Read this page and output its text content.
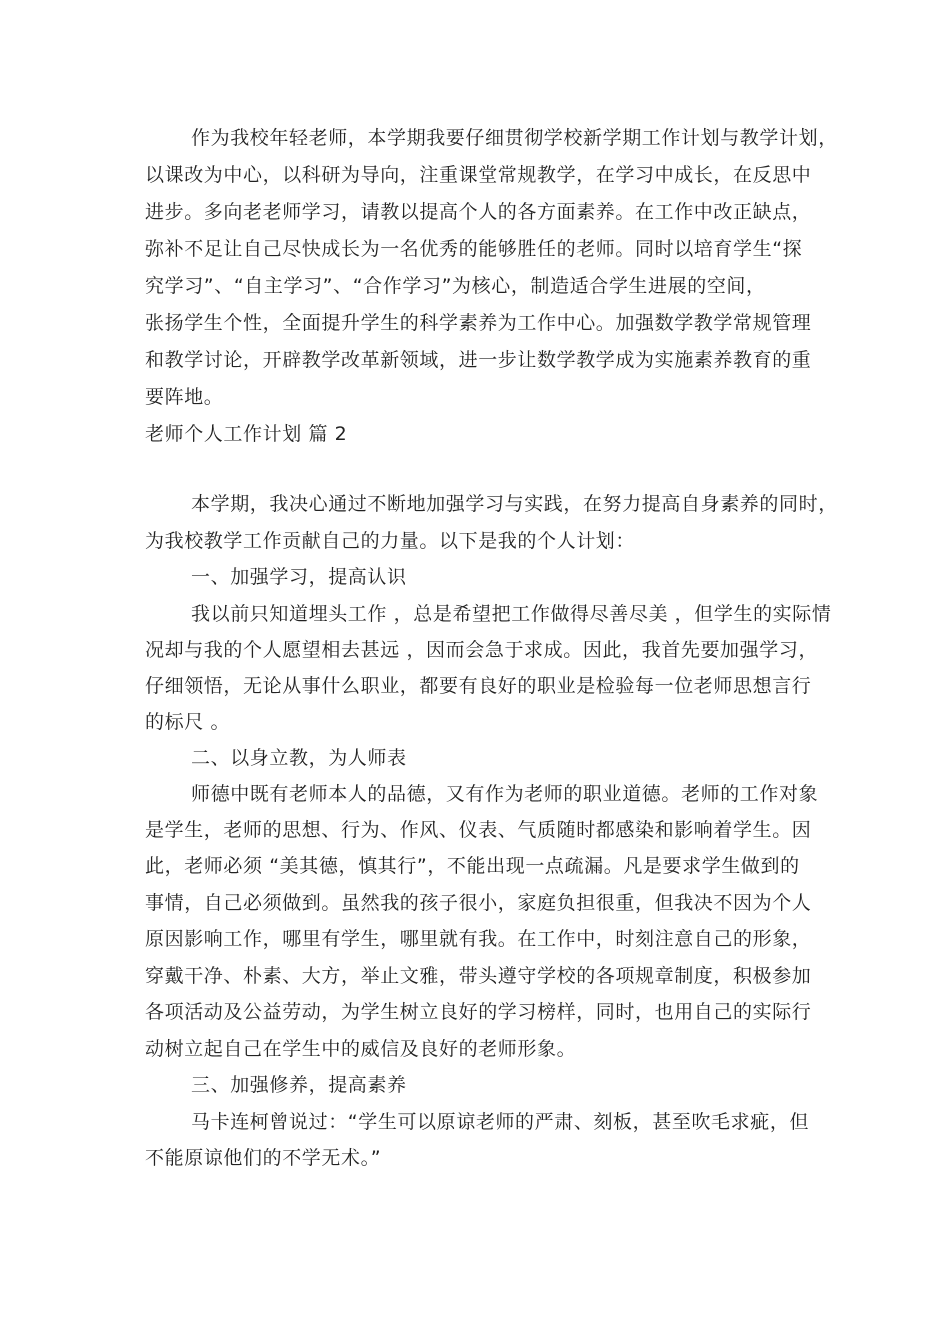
作为我校年轻老师，本学期我要仔细贯彻学校新学期工作计划与教学计划，
以课改为中心，以科研为导向，注重课堂常规教学，在学习中成长，在反思中
进步。多向老老师学习，请教以提高个人的各方面素养。在工作中改正缺点，
弥补不足让自己尽快成长为一名优秀的能够胜任的老师。同时以培育学生“探
究学习”、“自主学习”、“合作学习”为核心，制造适合学生进展的空间，
张扬学生个性，全面提升学生的科学素养为工作中心。加强数学教学常规管理
和教学讨论，开辟教学改革新领域，进一步让数学教学成为实施素养教育的重
要阵地。
老师个人工作计划 篇 2
本学期，我决心通过不断地加强学习与实践，在努力提高自身素养的同时，
为我校教学工作贡献自己的力量。以下是我的个人计划：
一、加强学习，提高认识
我以前只知道埋头工作 ，总是希望把工作做得尽善尽美 ，但学生的实际情
况却与我的个人愿望相去甚远 ，因而会急于求成。因此，我首先要加强学习，
仔细领悟，无论从事什么职业，都要有良好的职业是检验每一位老师思想言行
的标尺 。
二、以身立教，为人师表
师德中既有老师本人的品德，又有作为老师的职业道德。老师的工作对象
是学生，老师的思想、行为、作风、仪表、气质随时都感染和影响着学生。因
此，老师必须 “美其德，慎其行”，不能出现一点疏漏。凡是要求学生做到的
事情，自己必须做到。虽然我的孩子很小，家庭负担很重，但我决不因为个人
原因影响工作，哪里有学生，哪里就有我。在工作中，时刻注意自己的形象，
穿戴干净、朴素、大方，举止文雅，带头遵守学校的各项规章制度，积极参加
各项活动及公益劳动，为学生树立良好的学习榜样，同时，也用自己的实际行
动树立起自己在学生中的威信及良好的老师形象。
三、加强修养，提高素养
马卡连柯曾说过：“学生可以原谅老师的严肃、刻板，甚至吹毛求疵，但
不能原谅他们的不学无术。”
